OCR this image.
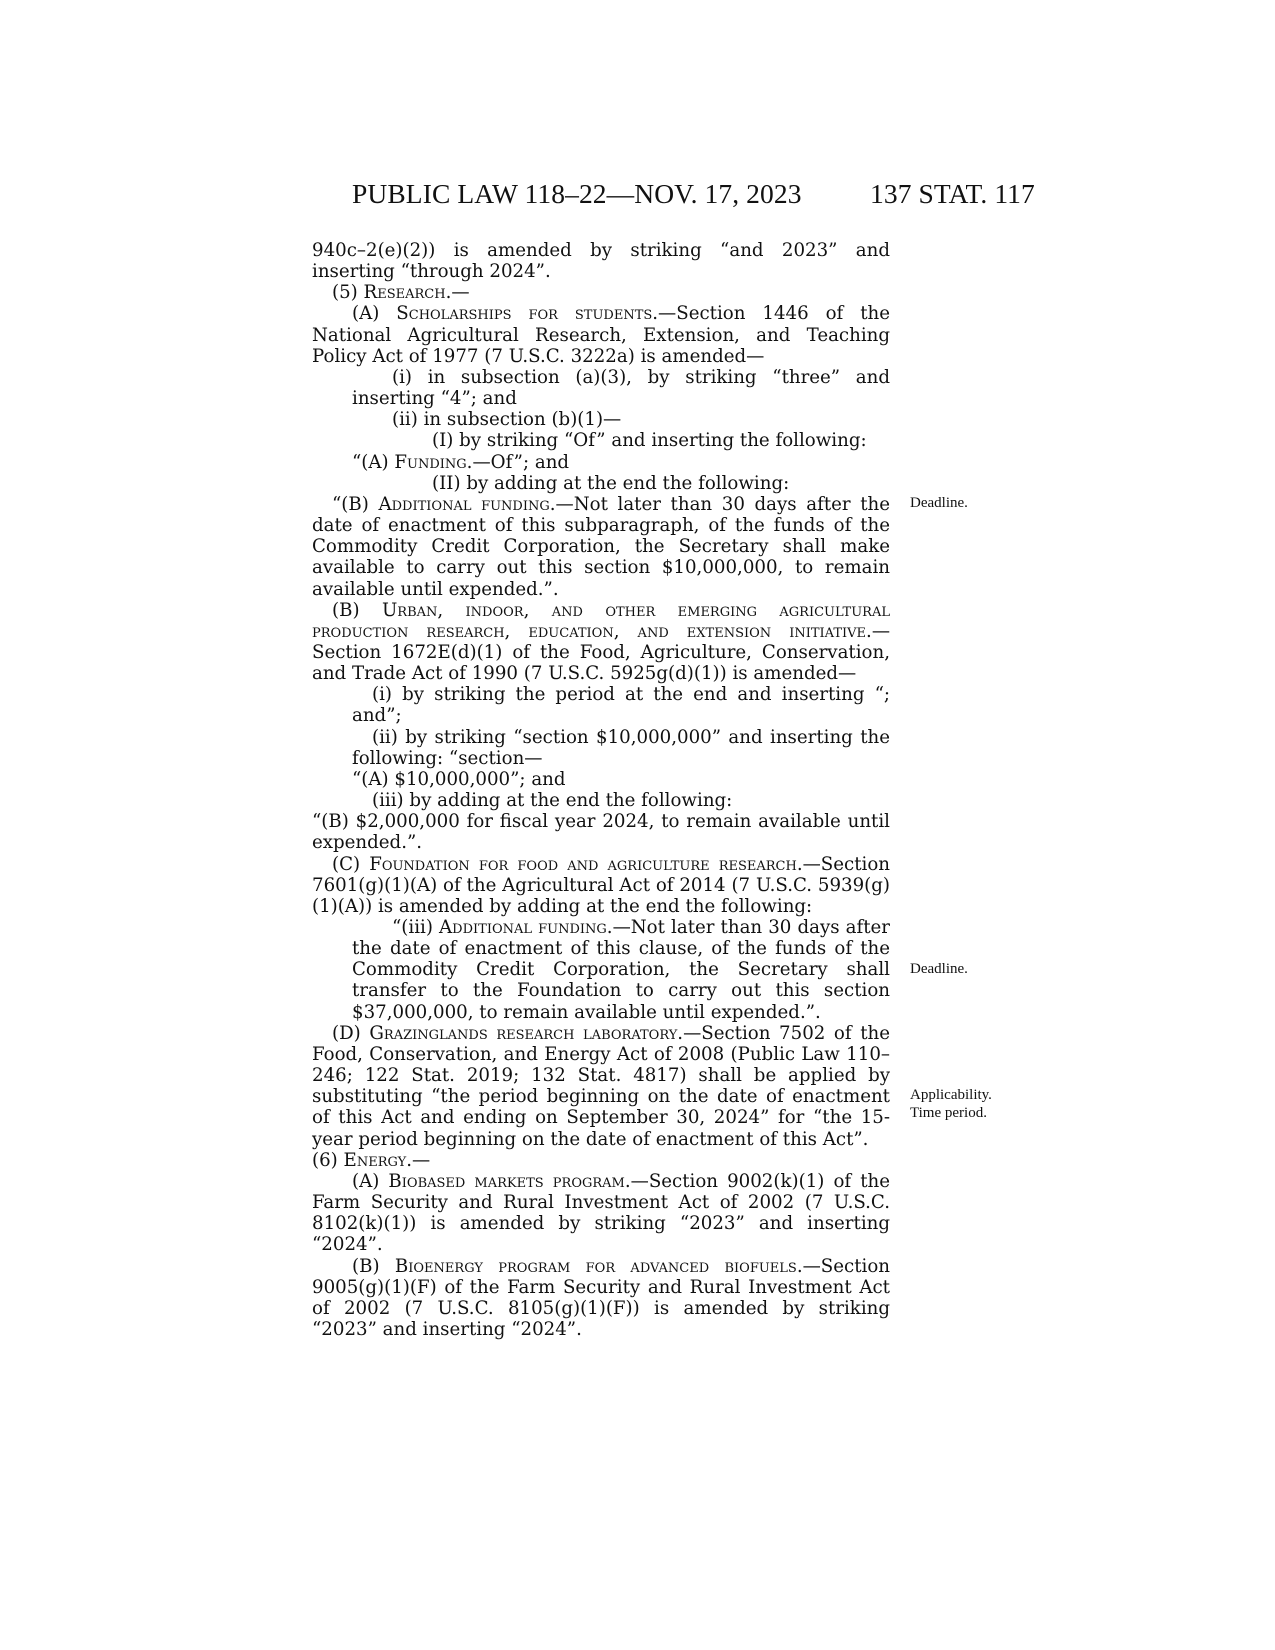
PUBLIC LAW 118–22—NOV. 17, 2023 137 STAT. 117

940c–2(e)(2)) is amended by striking “and 2023” and inserting “through 2024”.

(5) Research.—

(A) Scholarships for students.—Section 1446 of the National Agricultural Research, Extension, and Teaching Policy Act of 1977 (7 U.S.C. 3222a) is amended—

(i) in subsection (a)(3), by striking “three” and inserting “4”; and

(ii) in subsection (b)(1)—

(I) by striking “Of” and inserting the following:

“(A) Funding.—Of”; and

(II) by adding at the end the following:

“(B) Additional funding.—Not later than 30 days after the date of enactment of this subparagraph, of the funds of the Commodity Credit Corporation, the Secretary shall make available to carry out this section $10,000,000, to remain available until expended.”.

(B) Urban, indoor, and other emerging agricultural production research, education, and extension initiative.—Section 1672E(d)(1) of the Food, Agriculture, Conservation, and Trade Act of 1990 (7 U.S.C. 5925g(d)(1)) is amended—

(i) by striking the period at the end and inserting “; and”;

(ii) by striking “section $10,000,000” and inserting the following: “section—

“(A) $10,000,000”; and

(iii) by adding at the end the following:

“(B) $2,000,000 for fiscal year 2024, to remain available until expended.”.

(C) Foundation for food and agriculture research.—Section 7601(g)(1)(A) of the Agricultural Act of 2014 (7 U.S.C. 5939(g)(1)(A)) is amended by adding at the end the following:

“(iii) Additional funding.—Not later than 30 days after the date of enactment of this clause, of the funds of the Commodity Credit Corporation, the Secretary shall transfer to the Foundation to carry out this section $37,000,000, to remain available until expended.”.

(D) Grazinglands research laboratory.—Section 7502 of the Food, Conservation, and Energy Act of 2008 (Public Law 110–246; 122 Stat. 2019; 132 Stat. 4817) shall be applied by substituting “the period beginning on the date of enactment of this Act and ending on September 30, 2024” for “the 15-year period beginning on the date of enactment of this Act”.

(6) Energy.—

(A) Biobased markets program.—Section 9002(k)(1) of the Farm Security and Rural Investment Act of 2002 (7 U.S.C. 8102(k)(1)) is amended by striking “2023” and inserting “2024”.

(B) Bioenergy program for advanced biofuels.—Section 9005(g)(1)(F) of the Farm Security and Rural Investment Act of 2002 (7 U.S.C. 8105(g)(1)(F)) is amended by striking “2023” and inserting “2024”.

Deadline.
Deadline.
Applicability.
Time period.
